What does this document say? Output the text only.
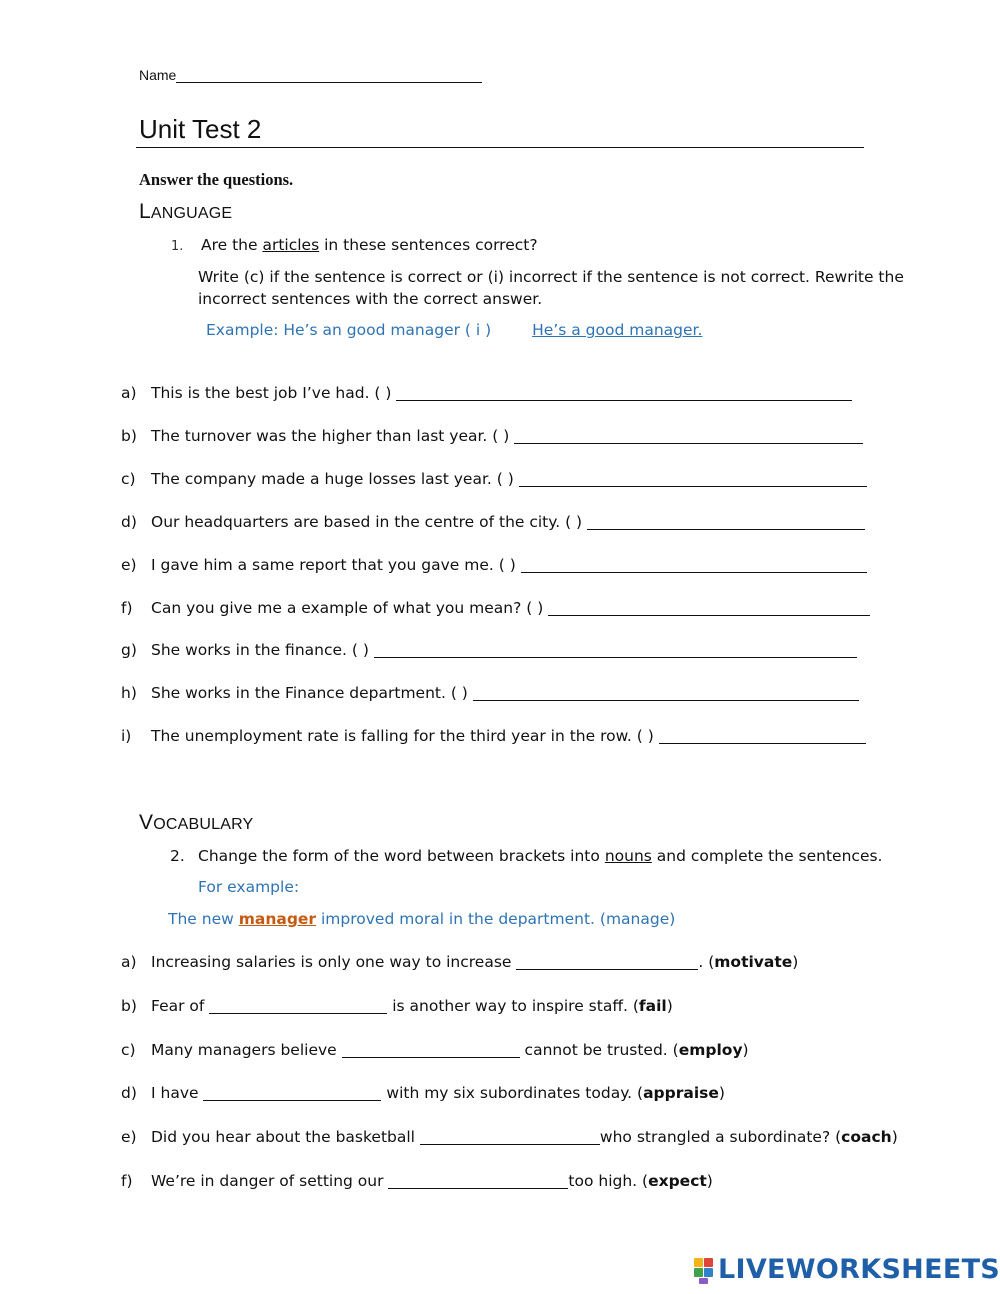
Name
Unit Test 2
Answer the questions.
LANGUAGE
1. Are the articles in these sentences correct?
Write (c) if the sentence is correct or (i) incorrect if the sentence is not correct. Rewrite the
incorrect sentences with the correct answer.
Example: He’s an good manager ( i ) He’s a good manager.
a) This is the best job I’ve had. ( )
b) The turnover was the higher than last year. ( )
c) The company made a huge losses last year. ( )
d) Our headquarters are based in the centre of the city. ( )
e) I gave him a same report that you gave me. ( )
f) Can you give me a example of what you mean? ( )
g) She works in the finance. ( )
h) She works in the Finance department. ( )
i) The unemployment rate is falling for the third year in the row. ( )
VOCABULARY
2. Change the form of the word between brackets into nouns and complete the sentences.
For example:
The new manager improved moral in the department. (manage)
a) Increasing salaries is only one way to increase	. (motivate)
b) Fear of	is another way to inspire staff. (fail)
c) Many managers believe	cannot be trusted. (employ)
d) I have	with my six subordinates today. (appraise)
e) Did you hear about the basketball	who strangled a subordinate? (coach)
f) We’re in danger of setting our	too high. (expect)
LIVEWORKSHEETS
